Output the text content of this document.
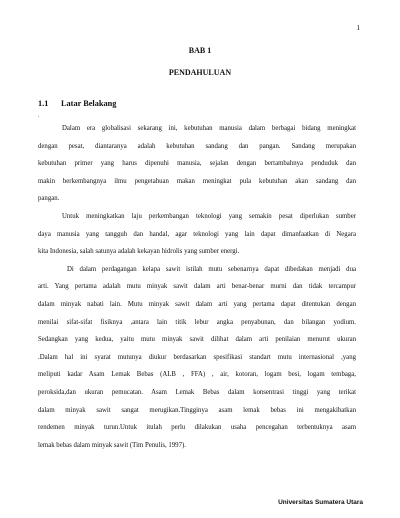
1
BAB 1
PENDAHULUAN
1.1 Latar Belakang
.

Dalam era globalisasi sekarang ini, kebutuhan manusia dalam berbagai bidang meningkat
dengan pesat, diantaranya adalah kebutuhan sandang dan pangan. Sandang merupakan
kebutuhan primer yang harus dipenuhi manusia, sejalan dengan bertambahnya penduduk dan
makin berkembangnya ilmu pengetahuan makan meningkat pula kebutuhan akan sandang dan
pangan.

Untuk meningkatkan laju perkembangan teknologi yang semakin pesat diperlukan sumber
daya manusia yang tangguh dan handal, agar teknologi yang lain dapat dimanfaatkan di Negara
kita Indonesia, salah satunya adalah kekayan hidrolis yang sumber energi.

Di dalam perdagangan kelapa sawit istilah mutu sebenarnya dapat dibedakan menjadi dua
arti. Yang pertama adalah mutu minyak sawit dalam arti benar-benar murni dan tidak tercampur
dalam minyak nabati lain. Mutu minyak sawit dalam arti yang pertama dapat ditentukan dengan
menilai sifat-sifat fisiknya ,antara lain titik lebur angka penyabunan, dan bilangan yodium.
Sedangkan yang kedua, yaitu mutu minyak sawit dilihat dalam arti penilaian menurut ukuran
.Dalam hal ini syarat mutunya diukur berdasarkan spesifikasi standart mutu internasional ,yang
meliputi kadar Asam Lemak Bebas (ALB , FFA) , air, kotoran, logam besi, logam tembaga,
peroksida,dan ukuran pemucatan. Asam Lemak Bebas dalam konsentrasi tinggi yang terikat
dalam minyak sawit sangat merugikan.Tingginya asam lemak bebas ini mengakibatkan
rendemen minyak turun.Untuk itulah perlu dilakukan usaha pencegahan terbentuknya asam
lemak bebas dalam minyak sawit (Tim Penulis, 1997).

Universitas Sumatera Utara
